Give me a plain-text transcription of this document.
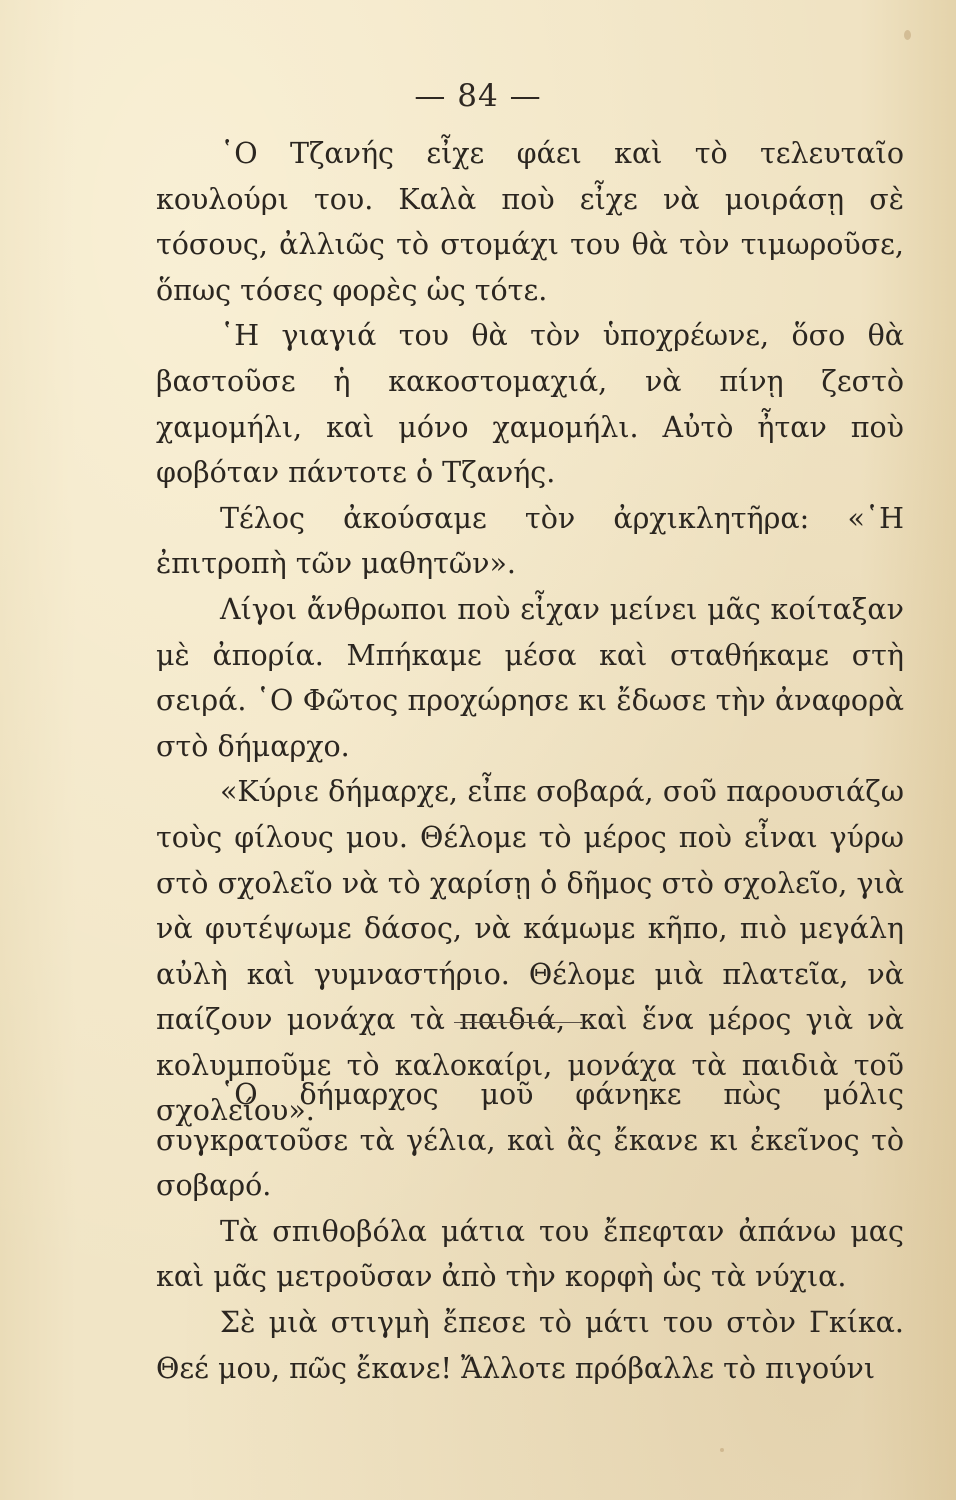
— 84 —

῾Ο Τζανής εἶχε φάει καὶ τὸ τελευταῖο κουλούρι του. Καλὰ ποὺ εἶχε νὰ μοιράσῃ σὲ τόσους, ἀλλιῶς τὸ στομάχι του θὰ τὸν τιμωροῦσε, ὅπως τόσες φορὲς ὡς τότε.

῾Η γιαγιά του θὰ τὸν ὑποχρέωνε, ὅσο θὰ βαστοῦσε ἡ κακοστομαχιά, νὰ πίνῃ ζεστὸ χαμομήλι, καὶ μόνο χαμομήλι. Αὐτὸ ἦταν ποὺ φοβόταν πάντοτε ὁ Τζανής.

Τέλος ἀκούσαμε τὸν ἀρχικλητῆρα: «῾Η ἐπιτροπὴ τῶν μαθητῶν».

Λίγοι ἄνθρωποι ποὺ εἶχαν μείνει μᾶς κοίταξαν μὲ ἀπορία. Μπήκαμε μέσα καὶ σταθήκαμε στὴ σειρά. ῾Ο Φῶτος προχώρησε κι ἔδωσε τὴν ἀναφορὰ στὸ δήμαρχο.

«Κύριε δήμαρχε, εἶπε σοβαρά, σοῦ παρουσιάζω τοὺς φίλους μου. Θέλομε τὸ μέρος ποὺ εἶναι γύρω στὸ σχολεῖο νὰ τὸ χαρίσῃ ὁ δῆμος στὸ σχολεῖο, γιὰ νὰ φυτέψωμε δάσος, νὰ κάμωμε κῆπο, πιὸ μεγάλη αὐλὴ καὶ γυμναστήριο. Θέλομε μιὰ πλατεῖα, νὰ παίζουν μονάχα τὰ παιδιά, καὶ ἕνα μέρος γιὰ νὰ κολυμποῦμε τὸ καλοκαίρι, μονάχα τὰ παιδιὰ τοῦ σχολείου».

῾Ο δήμαρχος μοῦ φάνηκε πὼς μόλις συγκρατοῦσε τὰ γέλια, καὶ ἂς ἔκανε κι ἐκεῖνος τὸ σοβαρό.

Τὰ σπιθοβόλα μάτια του ἔπεφταν ἀπάνω μας καὶ μᾶς μετροῦσαν ἀπὸ τὴν κορφὴ ὡς τὰ νύχια.

Σὲ μιὰ στιγμὴ ἔπεσε τὸ μάτι του στὸν Γκίκα. Θεέ μου, πῶς ἔκανε! Ἄλλοτε πρόβαλλε τὸ πιγούνι
